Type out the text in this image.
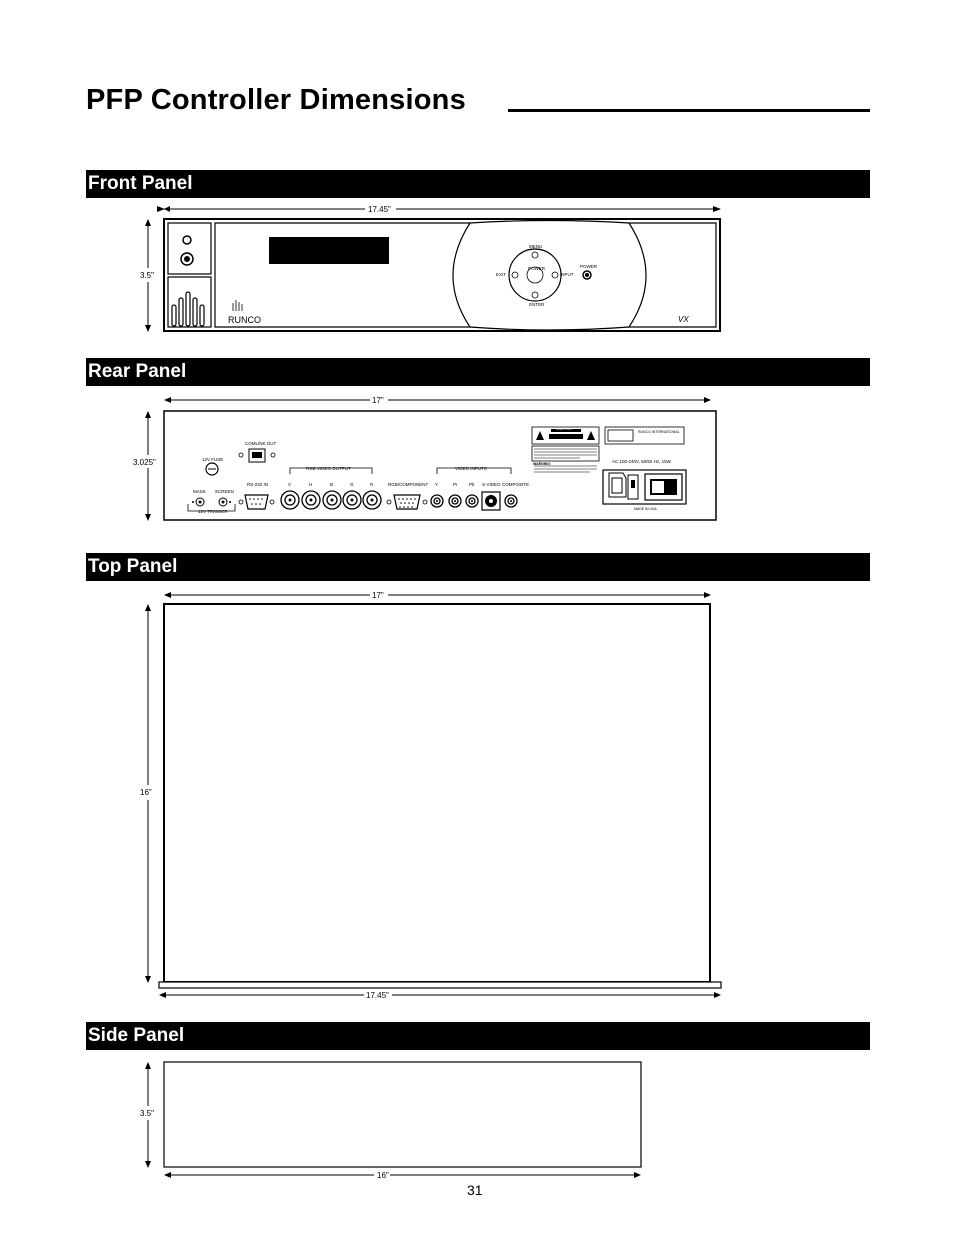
PFP Controller Dimensions
Front Panel
Rear Panel
Top Panel
Side Panel
RUNCO	VX
17.45"
3.5"
MENU
ENTER
EXIT	INPUT
POWER	POWER
17"
3.025"
COMLINK OUT
12V FUSE
MASK SCREEN
12V TRIGGER
RS-232 IN
RGB VIDEO OUTPUT
V	H	B	G	R	RGB/COMPONENT
VIDEO INPUTS
Y	Pr	Pb S-VIDEO COMPOSITE
CAUTION
RUNCO INTERNATIONAL
WARNING:	AC 100-240V, 50/60 Hz, 15W
MADE IN USA
17"
16"
17.45"
3.5"
16"
31
